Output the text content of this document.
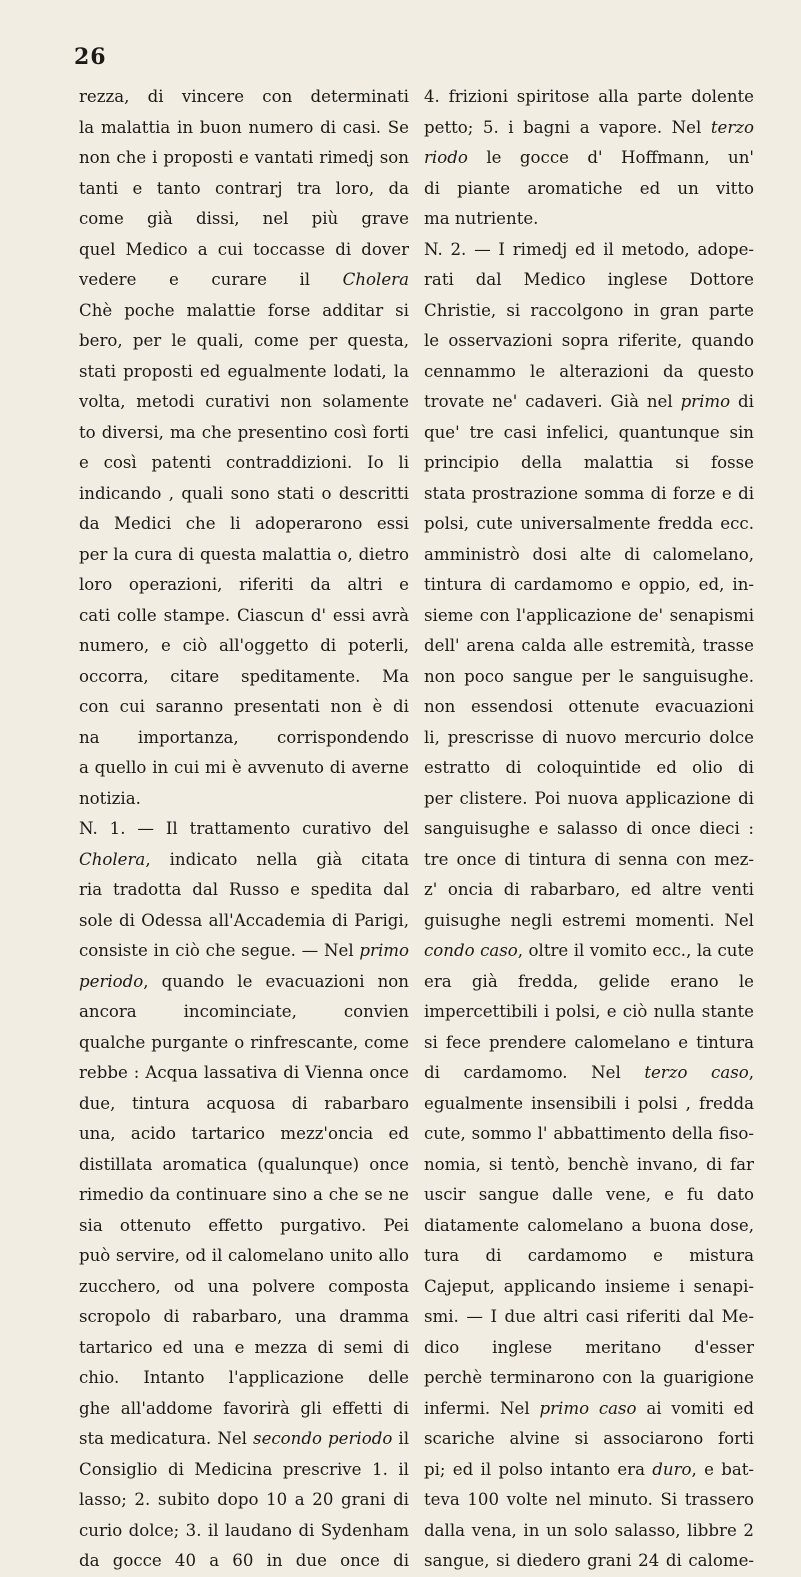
26
rezza, di vincere con determinati
la malattia in buon numero di casi. Se
non che i proposti e vantati rimedj son
tanti e tanto contrarj tra loro, da
come già dissi, nel più grave
quel Medico a cui toccasse di dover
vedere e curare il Cholera
Chè poche malattie forse additar si
bero, per le quali, come per questa,
stati proposti ed egualmente lodati, la
volta, metodi curativi non solamente
to diversi, ma che presentino così forti
e così patenti contraddizioni. Io li
indicando , quali sono stati o descritti
da Medici che li adoperarono essi
per la cura di questa malattia o, dietro
loro operazioni, riferiti da altri e
cati colle stampe. Ciascun d' essi avrà
numero, e ciò all'oggetto di poterli,
occorra, citare speditamente. Ma
con cui saranno presentati non è di
na importanza, corrispondendo
a quello in cui mi è avvenuto di averne
notizia.
N. 1. — Il trattamento curativo del
Cholera, indicato nella già citata
ria tradotta dal Russo e spedita dal
sole di Odessa all'Accademia di Parigi,
consiste in ciò che segue. — Nel primo
periodo, quando le evacuazioni non
ancora incominciate, convien
qualche purgante o rinfrescante, come
rebbe : Acqua lassativa di Vienna once
due, tintura acquosa di rabarbaro
una, acido tartarico mezz'oncia ed
distillata aromatica (qualunque) once
rimedio da continuare sino a che se ne
sia ottenuto effetto purgativo. Pei
può servire, od il calomelano unito allo
zucchero, od una polvere composta
scropolo di rabarbaro, una dramma
tartarico ed una e mezza di semi di
chio. Intanto l'applicazione delle
ghe all'addome favorirà gli effetti di
sta medicatura. Nel secondo periodo il
Consiglio di Medicina prescrive 1. il
lasso; 2. subito dopo 10 a 20 grani di
curio dolce; 3. il laudano di Sydenham
da gocce 40 a 60 in due once di
4. frizioni spiritose alla parte dolente
petto; 5. i bagni a vapore. Nel terzo
riodo le gocce d' Hoffmann, un'
di piante aromatiche ed un vitto
ma nutriente.
N. 2. — I rimedj ed il metodo, adope-
rati dal Medico inglese Dottore
Christie, si raccolgono in gran parte
le osservazioni sopra riferite, quando
cennammo le alterazioni da questo
trovate ne' cadaveri. Già nel primo di
que' tre casi infelici, quantunque sin
principio della malattia si fosse
stata prostrazione somma di forze e di
polsi, cute universalmente fredda ecc.
amministrò dosi alte di calomelano,
tintura di cardamomo e oppio, ed, in-
sieme con l'applicazione de' senapismi
dell' arena calda alle estremità, trasse
non poco sangue per le sanguisughe.
non essendosi ottenute evacuazioni
li, prescrisse di nuovo mercurio dolce
estratto di coloquintide ed olio di
per clistere. Poi nuova applicazione di
sanguisughe e salasso di once dieci :
tre once di tintura di senna con mez-
z' oncia di rabarbaro, ed altre venti
guisughe negli estremi momenti. Nel
condo caso, oltre il vomito ecc., la cute
era già fredda, gelide erano le
impercettibili i polsi, e ciò nulla stante
si fece prendere calomelano e tintura
di cardamomo. Nel terzo caso,
egualmente insensibili i polsi , fredda
cute, sommo l' abbattimento della fiso-
nomia, si tentò, benchè invano, di far
uscir sangue dalle vene, e fu dato
diatamente calomelano a buona dose,
tura di cardamomo e mistura
Cajeput, applicando insieme i senapi-
smi. — I due altri casi riferiti dal Me-
dico inglese meritano d'esser
perchè terminarono con la guarigione
infermi. Nel primo caso ai vomiti ed
scariche alvine si associarono forti
pi; ed il polso intanto era duro, e bat-
teva 100 volte nel minuto. Si trassero
dalla vena, in un solo salasso, libbre 2
sangue, si diedero grani 24 di calome-
